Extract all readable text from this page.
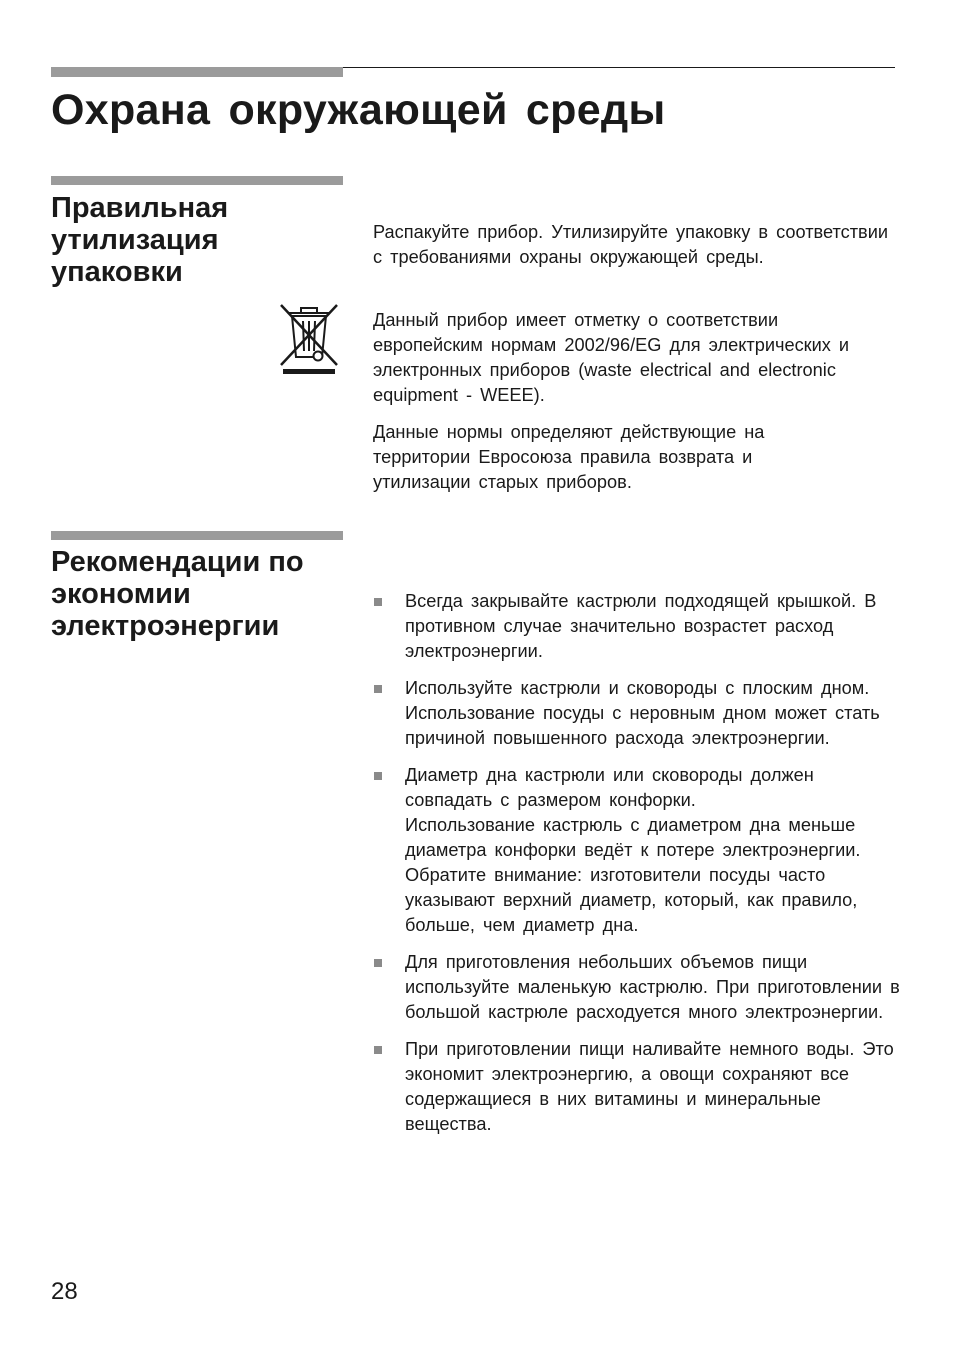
Охрана окружающей среды
Правильная
утилизация
упаковки

Распакуйте прибор. Утилизируйте упаковку в соответствии с требованиями охраны окружающей среды.

Данный прибор имеет отметку о соответствии европейским нормам 2002/96/EG для электрических и электронных приборов (waste electrical and electronic equipment - WEEE).

Данные нормы определяют действующие на территории Евросоюза правила возврата и утилизации старых приборов.

Рекомендации по
экономии
электроэнергии
Всегда закрывайте кастрюли подходящей крышкой. В противном случае значительно возрастет расход электроэнергии.
Используйте кастрюли и сковороды с плоским дном. Использование посуды с неровным дном может стать причиной повышенного расхода электроэнергии.
Диаметр дна кастрюли или сковороды должен совпадать с размером конфорки.
Использование кастрюль с диаметром дна меньше диаметра конфорки ведёт к потере электроэнергии.
Обратите внимание: изготовители посуды часто указывают верхний диаметр, который, как правило, больше, чем диаметр дна.
Для приготовления небольших объемов пищи используйте маленькую кастрюлю. При приготовлении в большой кастрюле расходуется много электроэнергии.
При приготовлении пищи наливайте немного воды. Это экономит электроэнергию, а овощи сохраняют все содержащиеся в них витамины и минеральные вещества.
28
